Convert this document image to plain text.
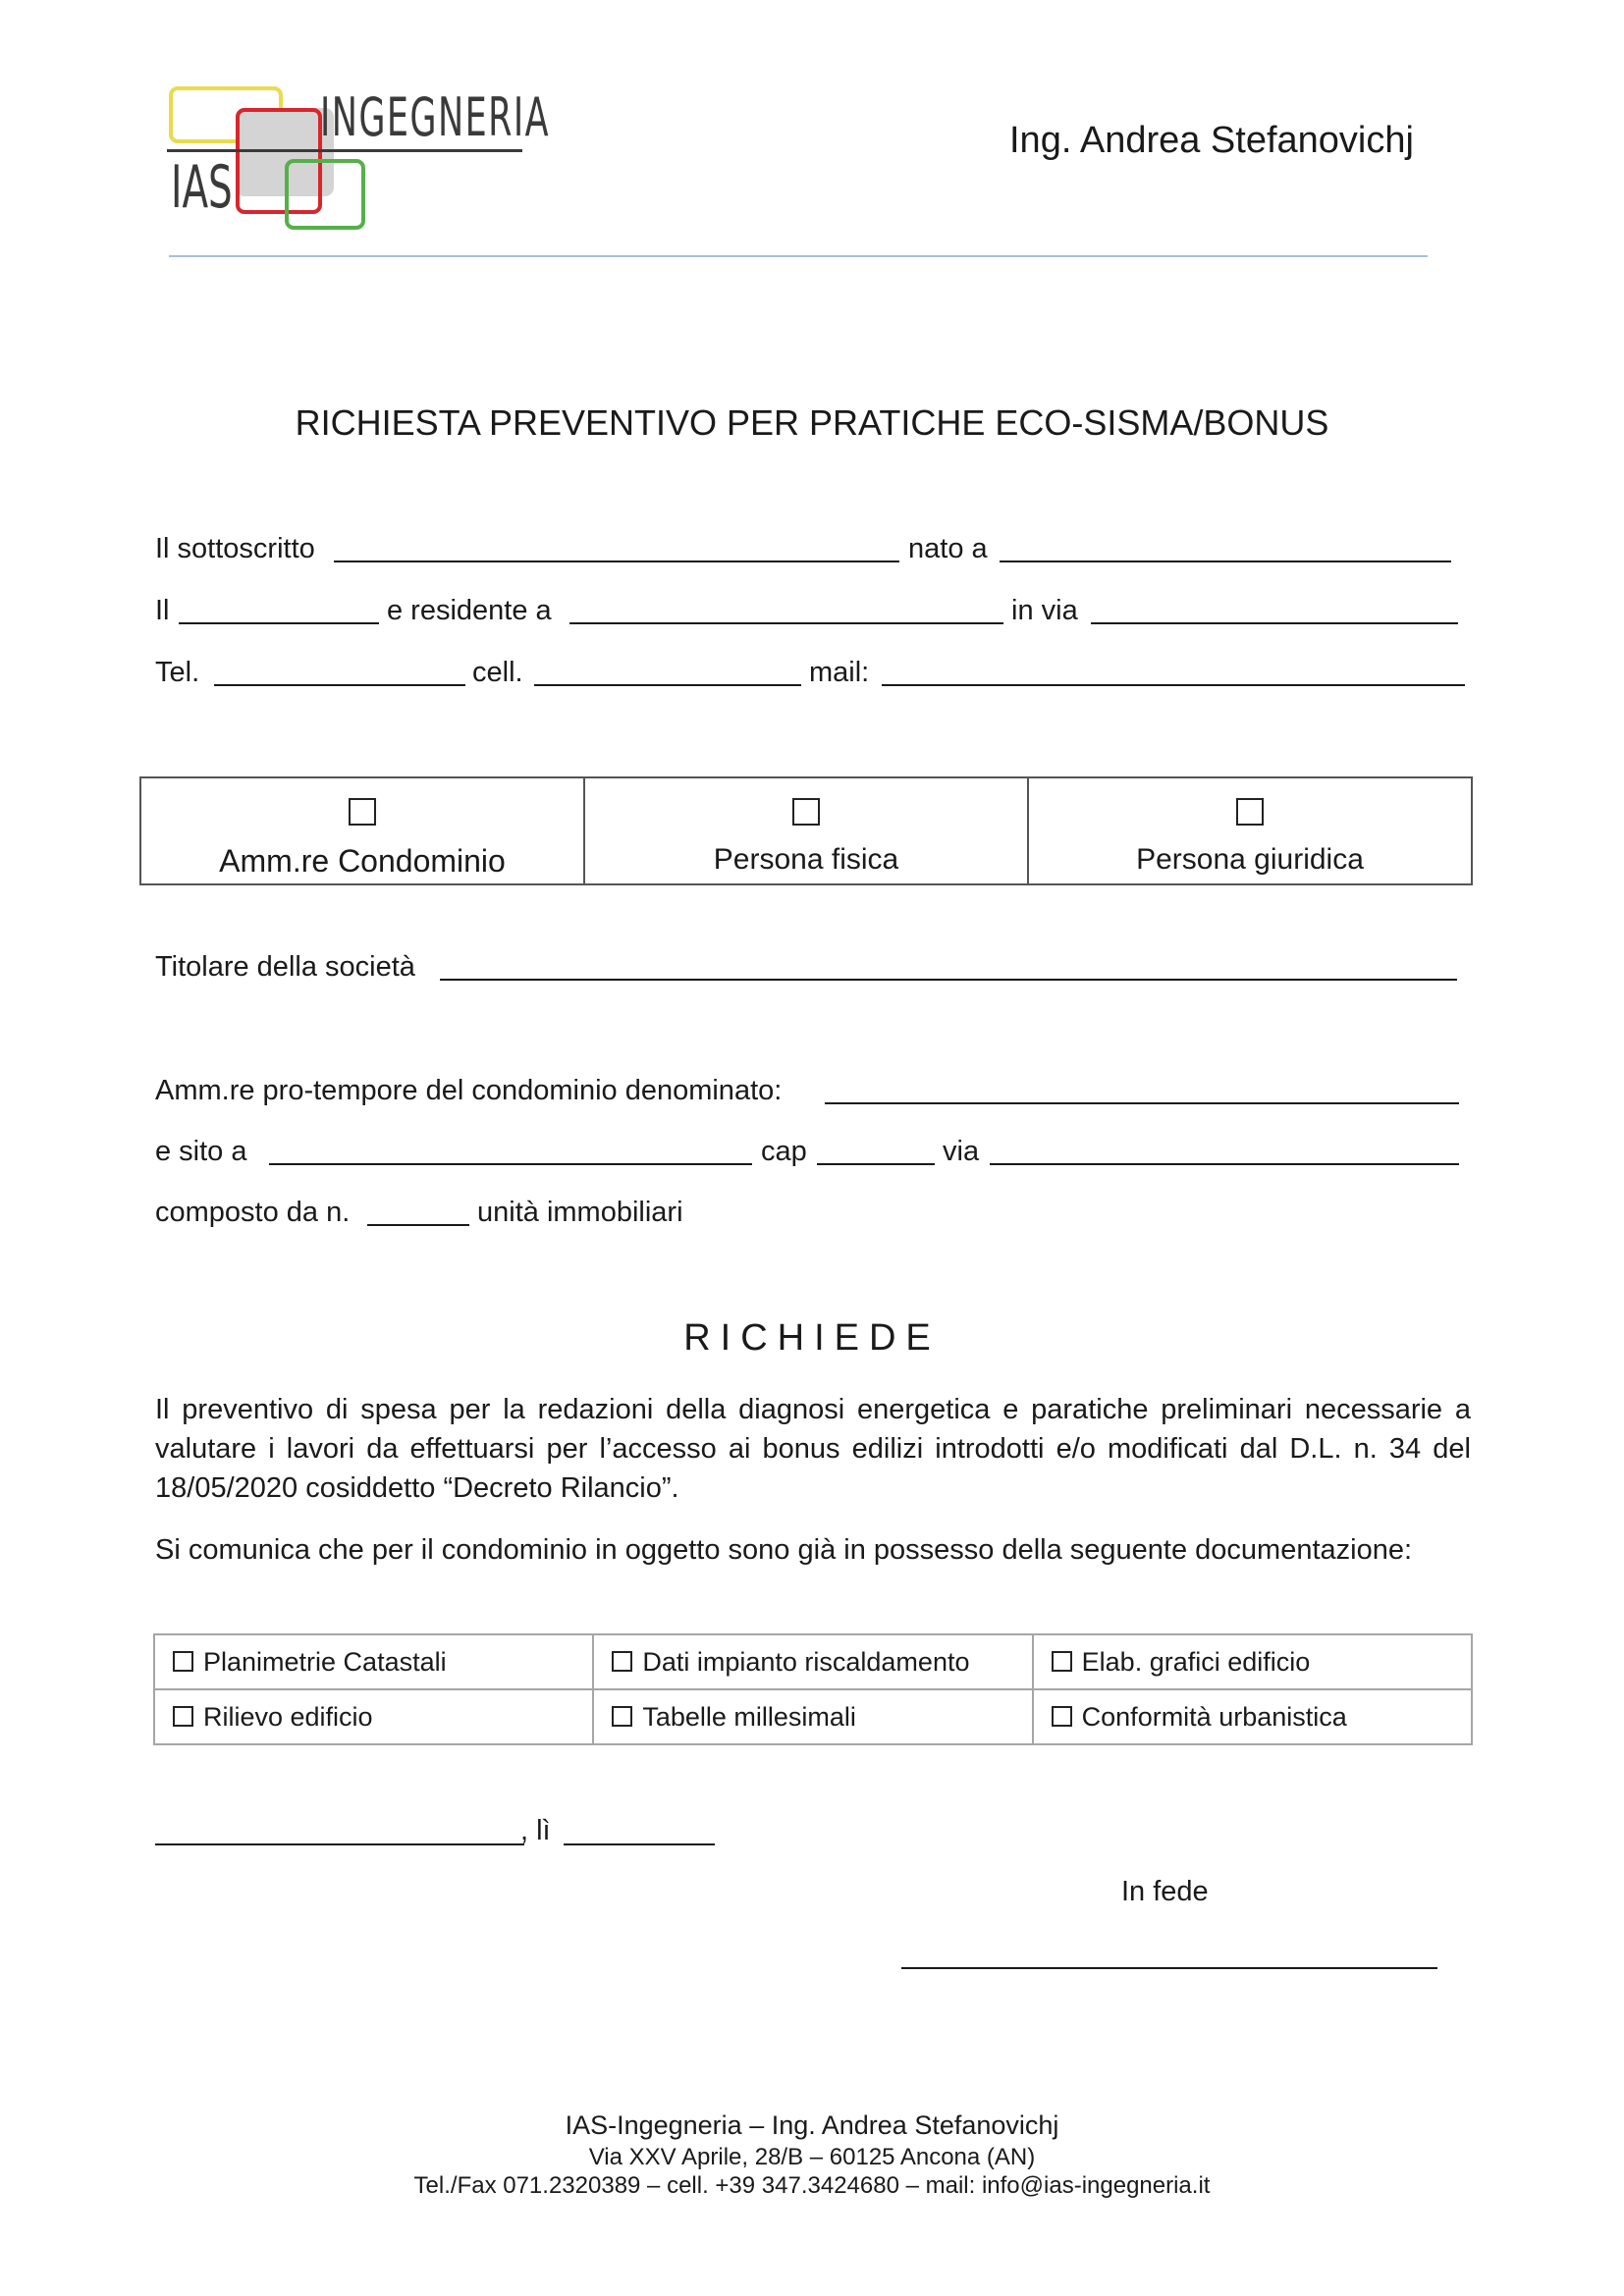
INGEGNERIA
IAS
Ing. Andrea Stefanovichj
RICHIESTA PREVENTIVO PER PRATICHE ECO-SISMA/BONUS
Il sottoscritto	nato a
Il	e residente a	in via
Tel.	cell.	mail:
Amm.re Condominio	Persona fisica	Persona giuridica
Titolare della società
Amm.re pro-tempore del condominio denominato:
e sito a	cap	via
composto da n.	unità immobiliari
RICHIEDE
Il preventivo di spesa per la redazioni della diagnosi energetica e paratiche preliminari necessarie a valutare i lavori da effettuarsi per l’accesso ai bonus edilizi introdotti e/o modificati dal D.L. n. 34 del 18/05/2020 cosiddetto “Decreto Rilancio”.
Si comunica che per il condominio in oggetto sono già in possesso della seguente documentazione:
Planimetrie Catastali	Dati impianto riscaldamento	Elab. grafici edificio
Rilievo edificio	Tabelle millesimali	Conformità urbanistica
, lì
In fede
IAS-Ingegneria – Ing. Andrea Stefanovichj
Via XXV Aprile, 28/B – 60125 Ancona (AN)
Tel./Fax 071.2320389 – cell. +39 347.3424680 – mail: info@ias-ingegneria.it
